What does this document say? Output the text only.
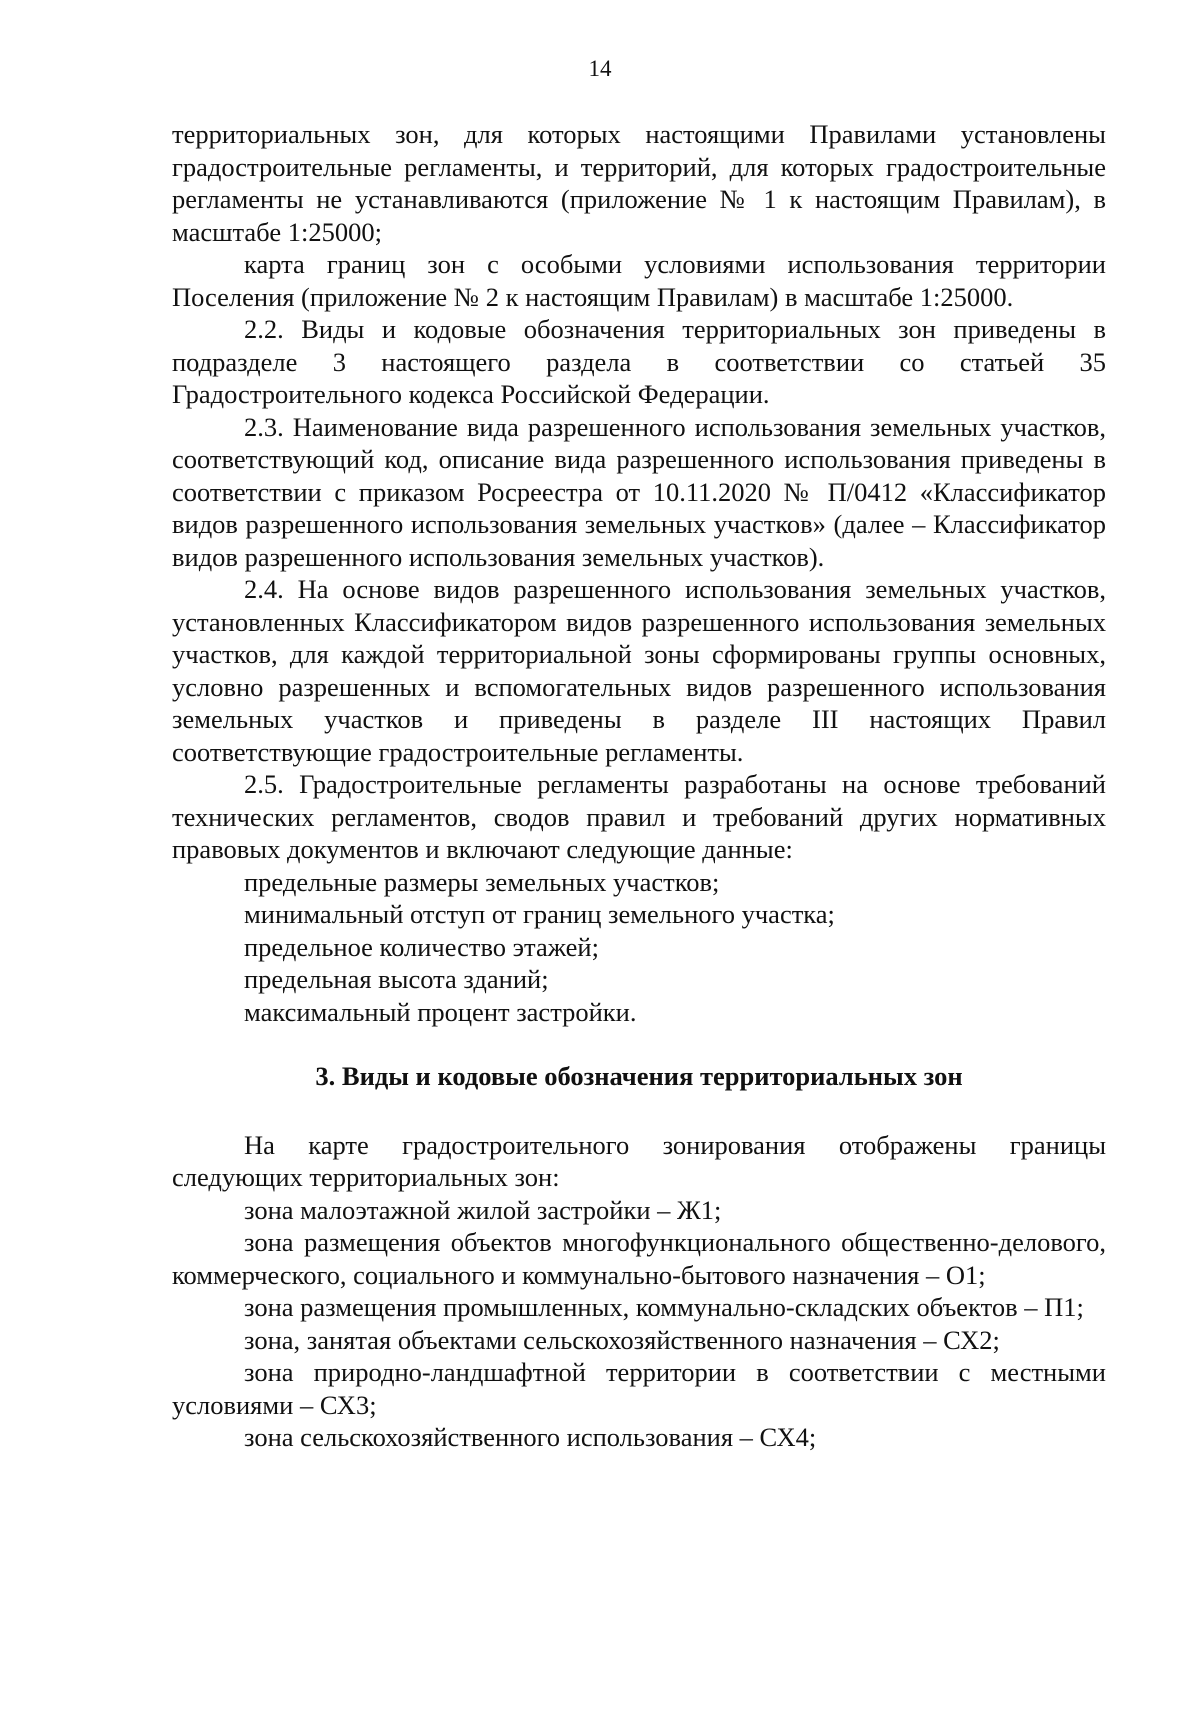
14

территориальных зон, для которых настоящими Правилами установлены градостроительные регламенты, и территорий, для которых градостроительные регламенты не устанавливаются (приложение № 1 к настоящим Правилам), в масштабе 1:25000;

карта границ зон с особыми условиями использования территории Поселения (приложение № 2 к настоящим Правилам) в масштабе 1:25000.

2.2. Виды и кодовые обозначения территориальных зон приведены в подразделе 3 настоящего раздела в соответствии со статьей 35 Градостроительного кодекса Российской Федерации.

2.3. Наименование вида разрешенного использования земельных участков, соответствующий код, описание вида разрешенного использования приведены в соответствии с приказом Росреестра от 10.11.2020 № П/0412 «Классификатор видов разрешенного использования земельных участков» (далее – Классификатор видов разрешенного использования земельных участков).

2.4. На основе видов разрешенного использования земельных участков, установленных Классификатором видов разрешенного использования земельных участков, для каждой территориальной зоны сформированы группы основных, условно разрешенных и вспомогательных видов разрешенного использования земельных участков и приведены в разделе III настоящих Правил соответствующие градостроительные регламенты.

2.5. Градостроительные регламенты разработаны на основе требований технических регламентов, сводов правил и требований других нормативных правовых документов и включают следующие данные:

предельные размеры земельных участков;

минимальный отступ от границ земельного участка;

предельное количество этажей;

предельная высота зданий;

максимальный процент застройки.

3. Виды и кодовые обозначения территориальных зон

На карте градостроительного зонирования отображены границы следующих территориальных зон:

зона малоэтажной жилой застройки – Ж1;

зона размещения объектов многофункционального общественно-делового, коммерческого, социального и коммунально-бытового назначения – О1;

зона размещения промышленных, коммунально-складских объектов – П1;

зона, занятая объектами сельскохозяйственного назначения – СХ2;

зона природно-ландшафтной территории в соответствии с местными условиями – СХ3;

зона сельскохозяйственного использования – СХ4;
